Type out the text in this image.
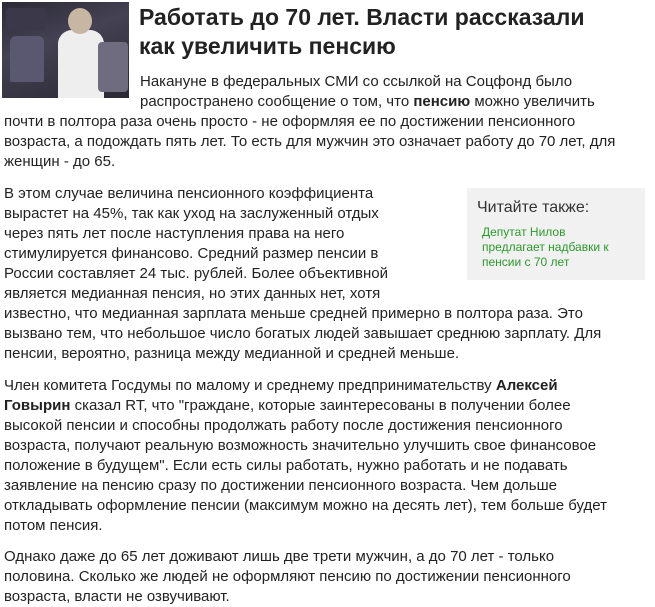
Работать до 70 лет. Власти рассказали
как увеличить пенсию
Накануне в федеральных СМИ со ссылкой на Соцфонд было
распространено сообщение о том, что пенсию можно увеличить
почти в полтора раза очень просто - не оформляя ее по достижении пенсионного
возраста, а подождать пять лет. То есть для мужчин это означает работу до 70 лет, для
женщин - до 65.
В этом случае величина пенсионного коэффициента
вырастет на 45%, так как уход на заслуженный отдых
через пять лет после наступления права на него
стимулируется финансово. Средний размер пенсии в
России составляет 24 тыс. рублей. Более объективной
является медианная пенсия, но этих данных нет, хотя
известно, что медианная зарплата меньше средней примерно в полтора раза. Это
вызвано тем, что небольшое число богатых людей завышает среднюю зарплату. Для
пенсии, вероятно, разница между медианной и средней меньше.
Читайте также:
Депутат Нилов
предлагает надбавки к
пенсии с 70 лет
Член комитета Госдумы по малому и среднему предпринимательству Алексей
Говырин сказал RT, что "граждане, которые заинтересованы в получении более
высокой пенсии и способны продолжать работу после достижения пенсионного
возраста, получают реальную возможность значительно улучшить свое финансовое
положение в будущем". Если есть силы работать, нужно работать и не подавать
заявление на пенсию сразу по достижении пенсионного возраста. Чем дольше
откладывать оформление пенсии (максимум можно на десять лет), тем больше будет
потом пенсия.
Однако даже до 65 лет доживают лишь две трети мужчин, а до 70 лет - только
половина. Сколько же людей не оформляют пенсию по достижении пенсионного
возраста, власти не озвучивают.
